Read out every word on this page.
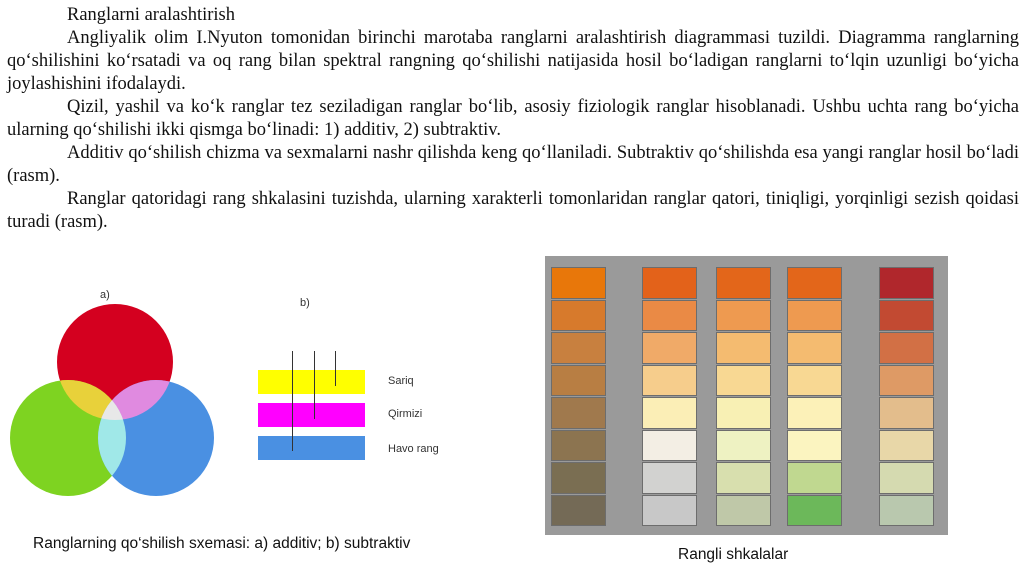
Ranglarni aralashtirish

Angliyalik olim I.Nyuton tomonidan birinchi marotaba ranglarni aralashtirish diagrammasi tuzildi. Diagramma ranglarning qo‘shilishini ko‘rsatadi va oq rang bilan spektral rangning qo‘shilishi natijasida hosil bo‘ladigan ranglarni to‘lqin uzunligi bo‘yicha joylashishini ifodalaydi.

Qizil, yashil va ko‘k ranglar tez seziladigan ranglar bo‘lib, asosiy fiziologik ranglar hisoblanadi. Ushbu uchta rang bo‘yicha ularning qo‘shilishi ikki qismga bo‘linadi: 1) additiv, 2) subtraktiv.

Additiv qo‘shilish chizma va sexmalarni nashr qilishda keng qo‘llaniladi. Subtraktiv qo‘shilishda esa yangi ranglar hosil bo‘ladi (rasm).

Ranglar qatoridagi rang shkalasini tuzishda, ularning xarakterli tomonlaridan ranglar qatori, tiniqligi, yorqinligi sezish qoidasi turadi (rasm).

a)
b)
Sariq
Qirmizi
Havo rang
Ranglarning qo‘shilish sxemasi: a) additiv; b) subtraktiv
Rangli shkalalar
